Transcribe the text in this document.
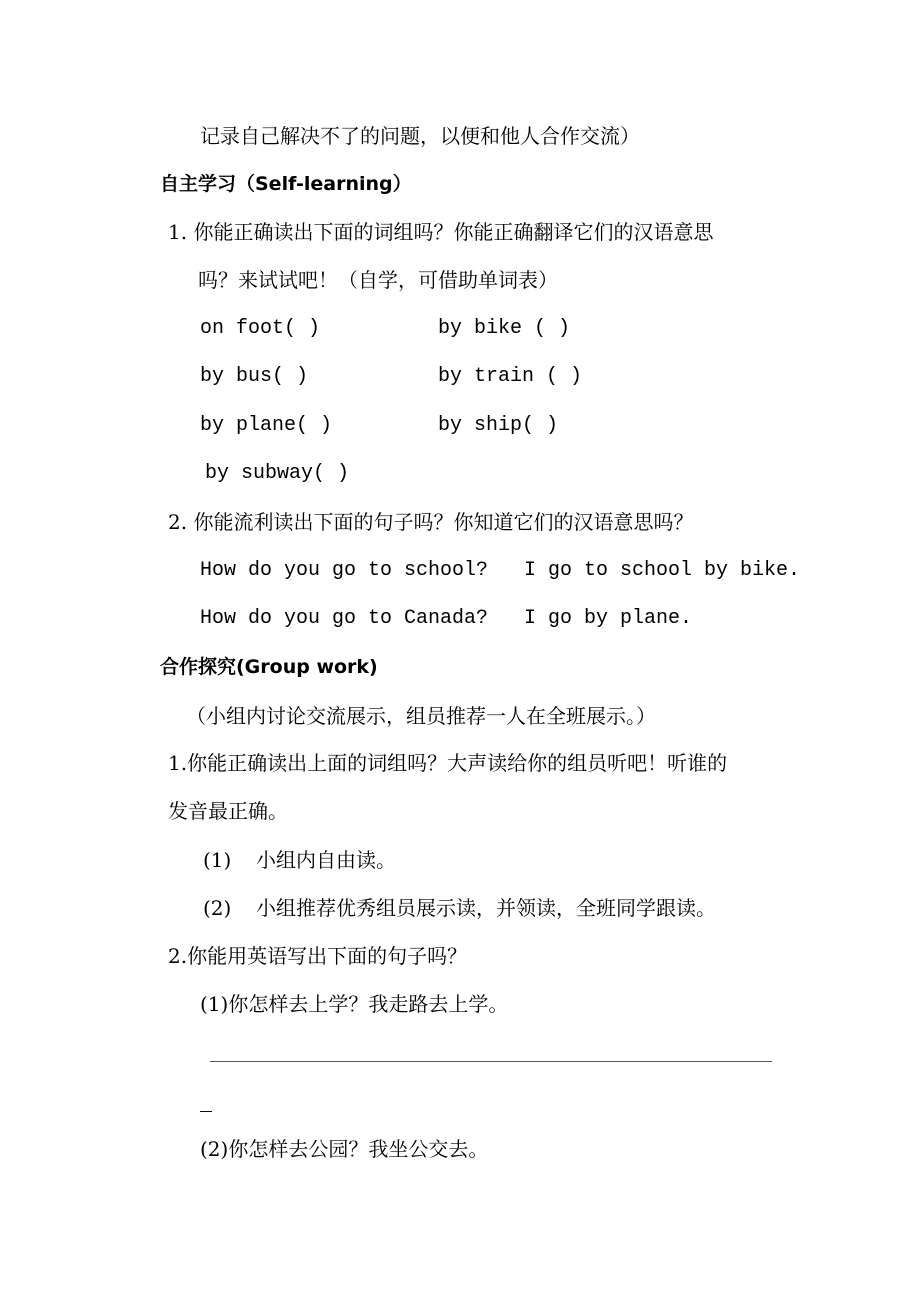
记录自己解决不了的问题，以便和他人合作交流）
自主学习（Self-learning）
1. 你能正确读出下面的词组吗？你能正确翻译它们的汉语意思
吗？来试试吧！（自学，可借助单词表）
on foot( )	by bike ( )
by bus( )	by train ( )
by plane( )	by ship( )
by subway( )
2. 你能流利读出下面的句子吗？你知道它们的汉语意思吗？
How do you go to school? I go to school by bike.
How do you go to Canada? I go by plane.
合作探究(Group work)
（小组内讨论交流展示，组员推荐一人在全班展示。）
1.你能正确读出上面的词组吗？大声读给你的组员听吧！听谁的
发音最正确。
(1) 小组内自由读。
(2) 小组推荐优秀组员展示读，并领读，全班同学跟读。
2.你能用英语写出下面的句子吗？
(1)你怎样去上学？我走路去上学。
_
(2)你怎样去公园？我坐公交去。
